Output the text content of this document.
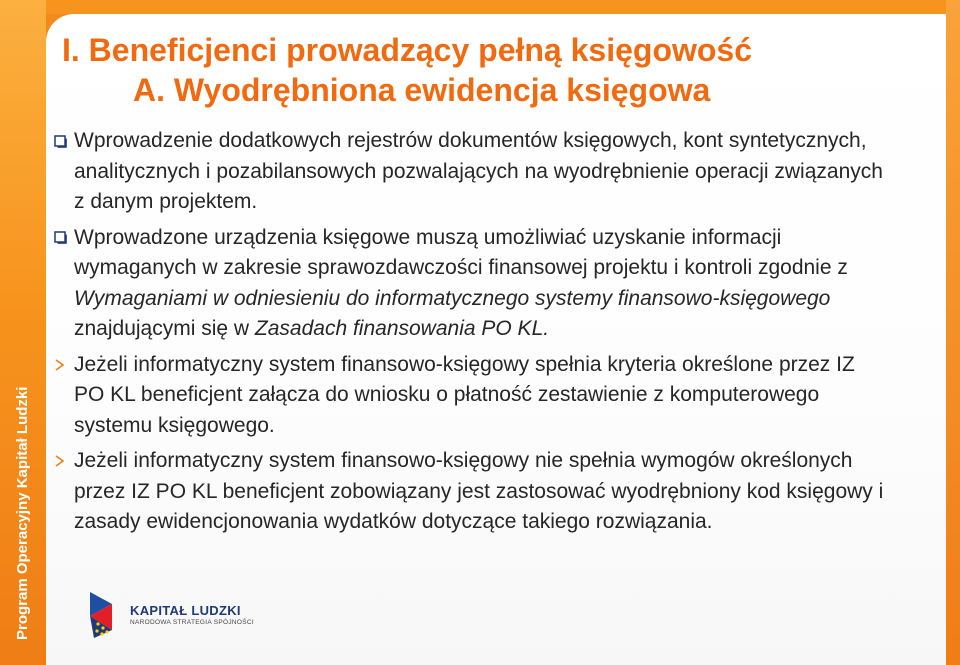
Program Operacyjny Kapitał Ludzki
I. Beneficjenci prowadzący pełną księgowość
A. Wyodrębniona ewidencja księgowa
Wprowadzenie dodatkowych rejestrów dokumentów księgowych, kont syntetycznych, analitycznych i pozabilansowych pozwalających na wyodrębnienie operacji związanych z danym projektem.
Wprowadzone urządzenia księgowe muszą umożliwiać uzyskanie informacji wymaganych w zakresie sprawozdawczości finansowej projektu i kontroli zgodnie z Wymaganiami w odniesieniu do informatycznego systemy finansowo-księgowego znajdującymi się w Zasadach finansowania PO KL.
Jeżeli informatyczny system finansowo-księgowy spełnia kryteria określone przez IZ PO KL beneficjent załącza do wniosku o płatność zestawienie z komputerowego systemu księgowego.
Jeżeli informatyczny system finansowo-księgowy nie spełnia wymogów określonych przez IZ PO KL beneficjent zobowiązany jest zastosować wyodrębniony kod księgowy i zasady ewidencjonowania wydatków dotyczące takiego rozwiązania.
KAPITAŁ LUDZKI
NARODOWA STRATEGIA SPÓJNOŚCI
